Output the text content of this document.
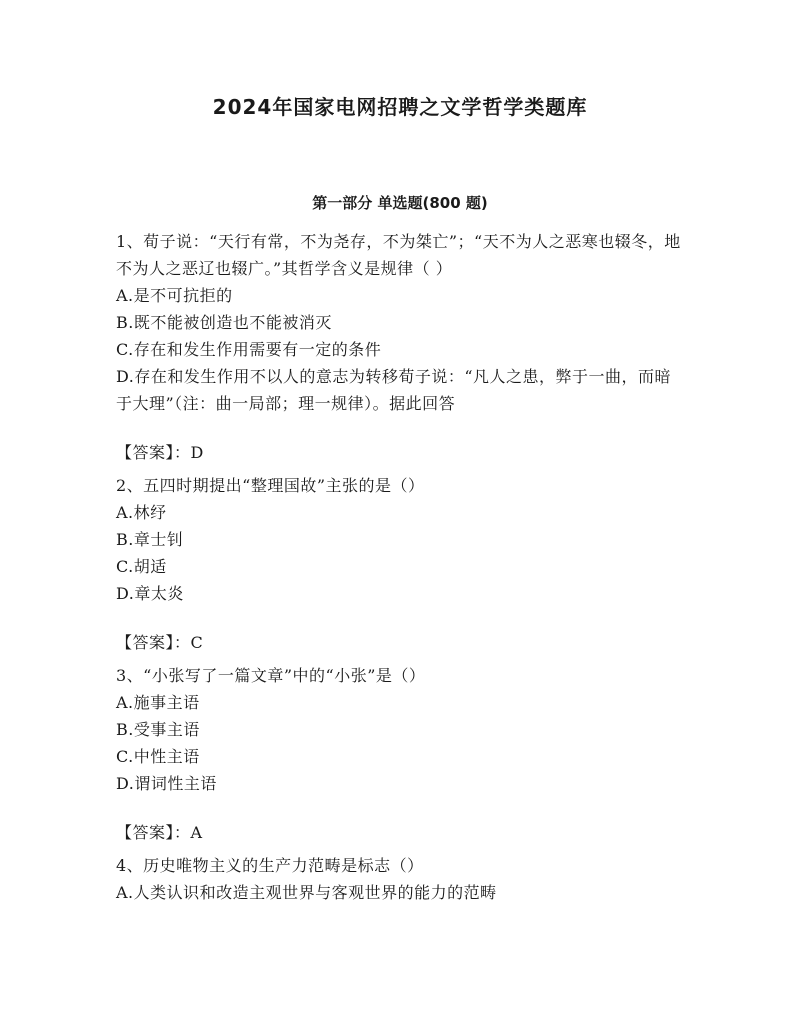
2024年国家电网招聘之文学哲学类题库
第一部分 单选题(800 题)

1、荀子说：“天行有常，不为尧存，不为桀亡”；“天不为人之恶寒也辍冬，地不为人之恶辽也辍广。”其哲学含义是规律（ ）

A.是不可抗拒的

B.既不能被创造也不能被消灭

C.存在和发生作用需要有一定的条件

D.存在和发生作用不以人的意志为转移荀子说：“凡人之患，弊于一曲，而暗于大理”（注：曲一局部；理一规律）。据此回答

【答案】：D

2、五四时期提出“整理国故”主张的是（）

A.林纾

B.章士钊

C.胡适

D.章太炎

【答案】：C

3、“小张写了一篇文章”中的“小张”是（）

A.施事主语

B.受事主语

C.中性主语

D.谓词性主语

【答案】：A

4、历史唯物主义的生产力范畴是标志（）

A.人类认识和改造主观世界与客观世界的能力的范畴
